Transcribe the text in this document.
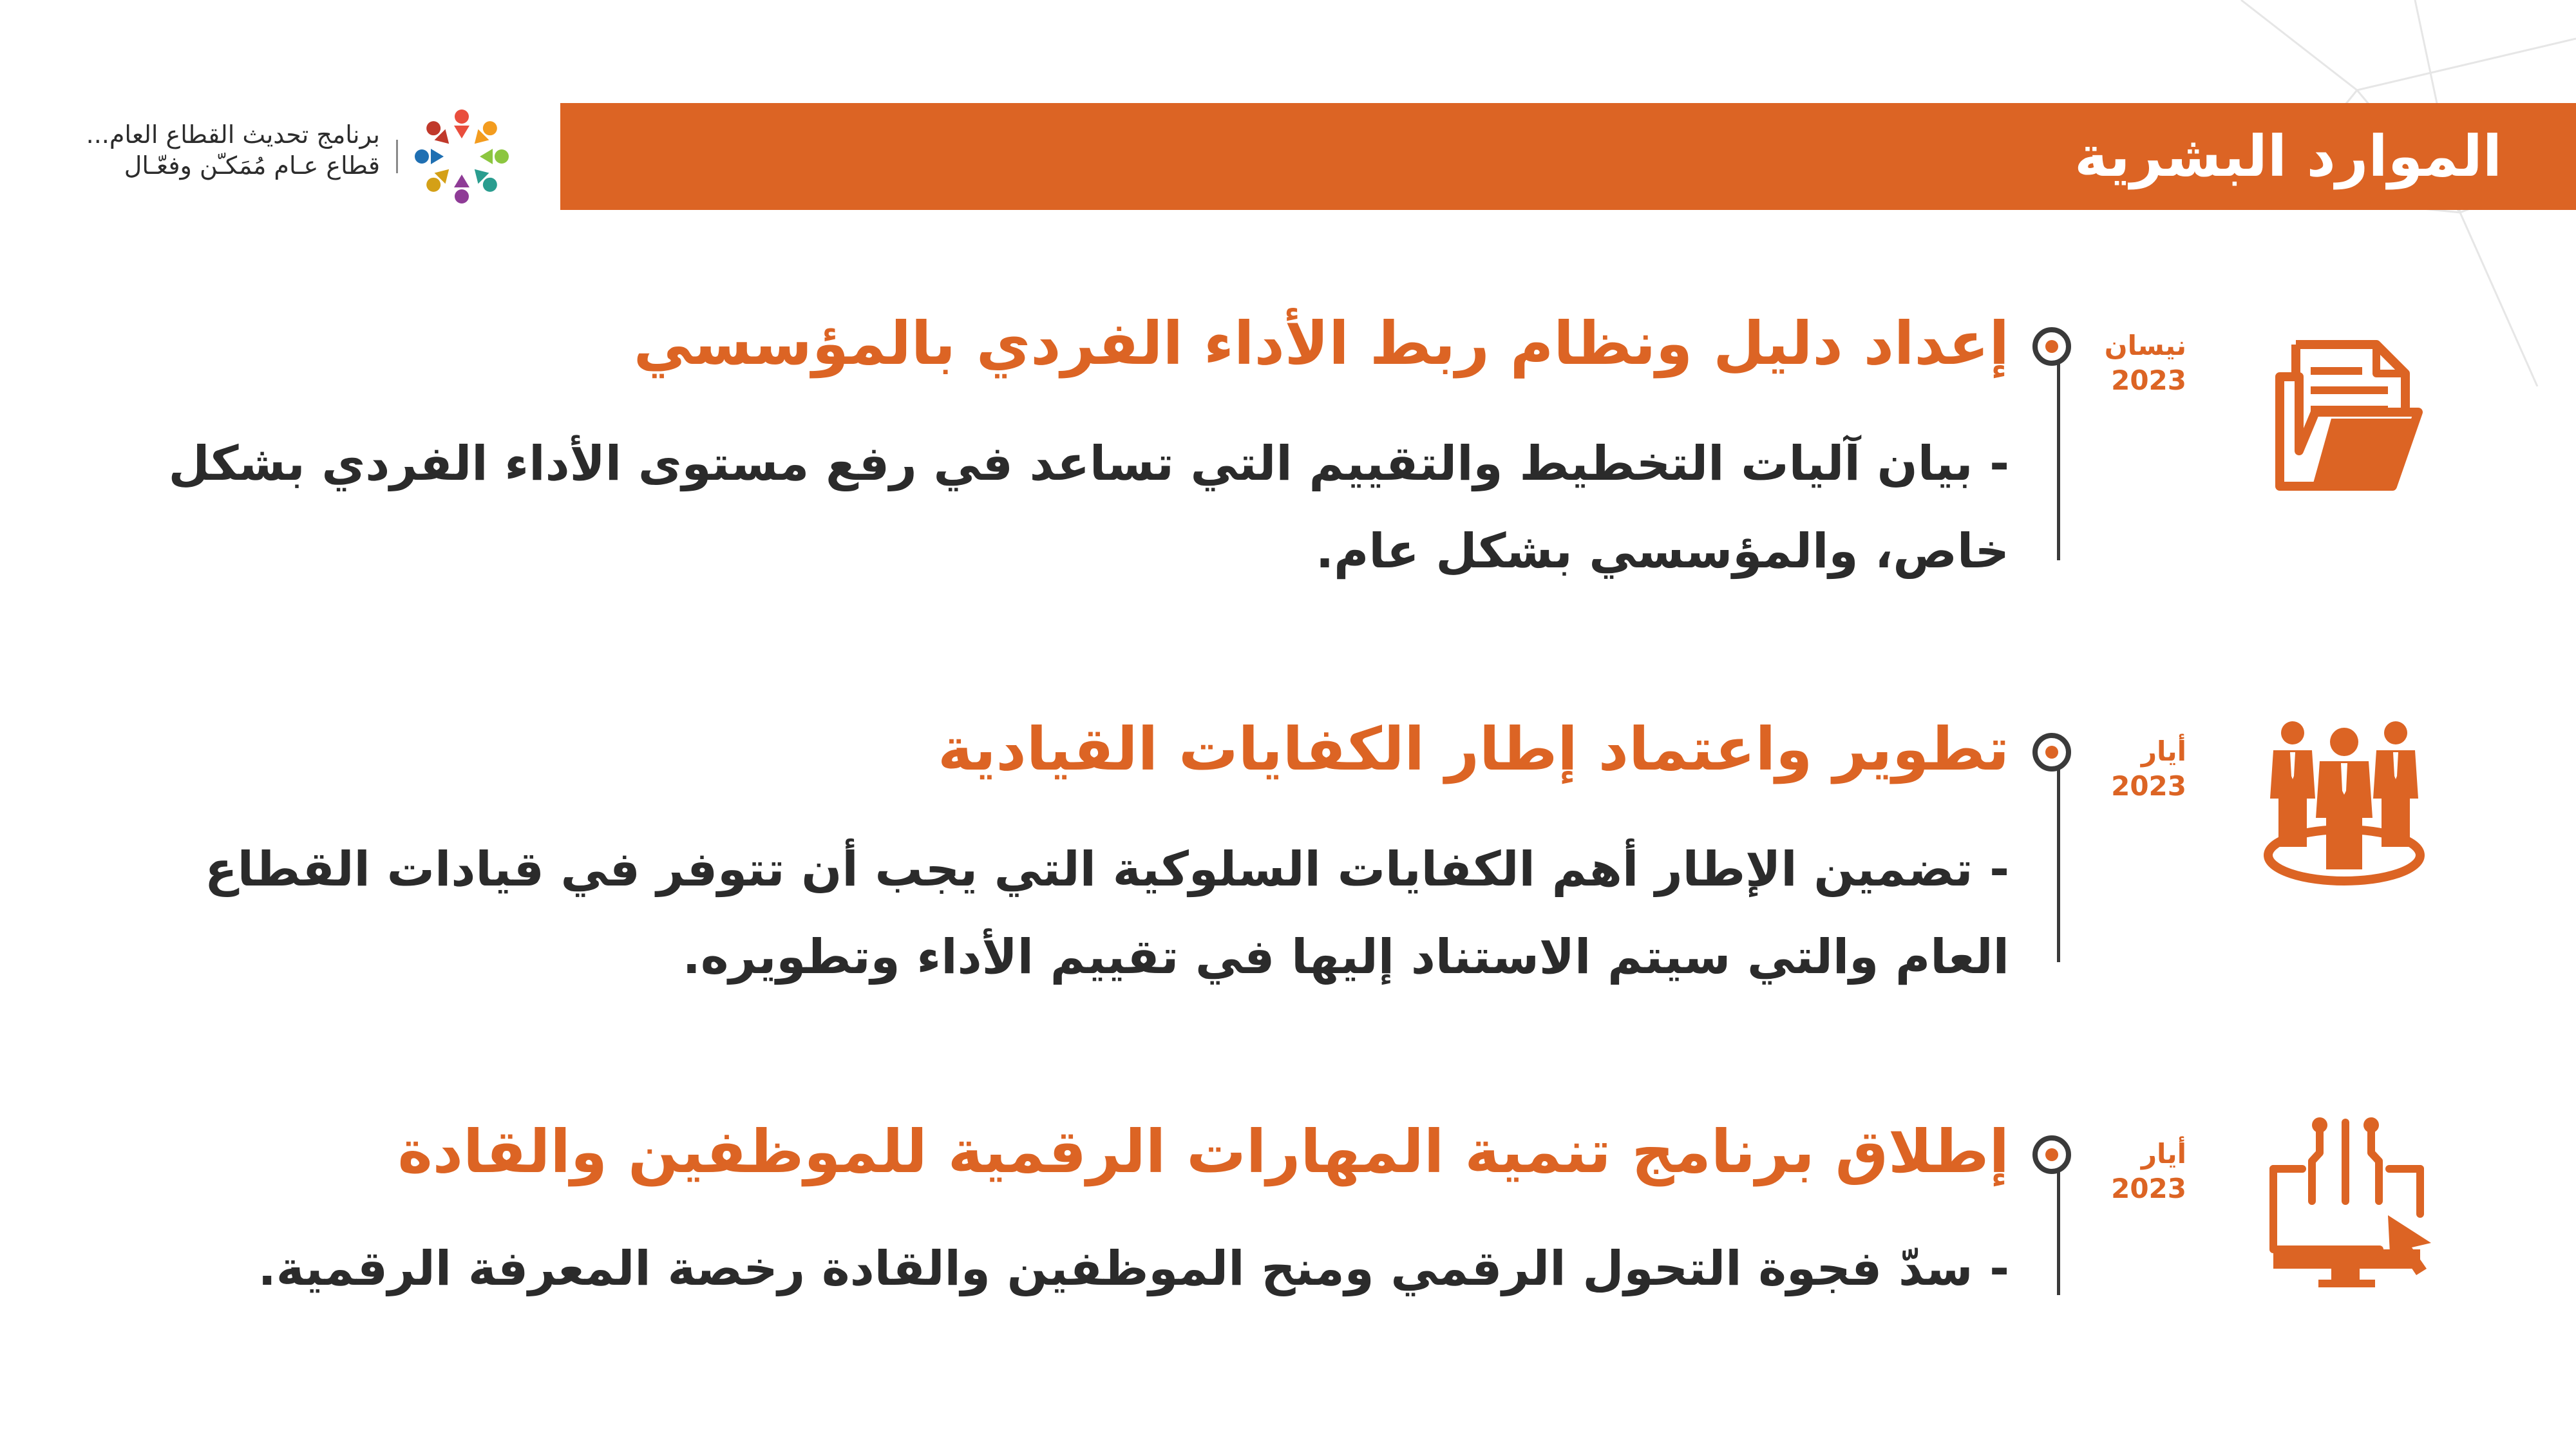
برنامج تحديث القطاع العام...
قطاع عـام مُمَكـّن وفعّـال	الموارد البشرية
نيسان
2023
إعداد دليل ونظام ربط الأداء الفردي بالمؤسسي
- بيان آليات التخطيط والتقييم التي تساعد في رفع مستوى الأداء الفردي بشكل خاص، والمؤسسي بشكل عام.
أيار
2023
تطوير واعتماد إطار الكفايات القيادية
- تضمين الإطار أهم الكفايات السلوكية التي يجب أن تتوفر في قيادات القطاع العام والتي سيتم الاستناد إليها في تقييم الأداء وتطويره.
أيار
2023
إطلاق برنامج تنمية المهارات الرقمية للموظفين والقادة
- سدّ فجوة التحول الرقمي ومنح الموظفين والقادة رخصة المعرفة الرقمية.
